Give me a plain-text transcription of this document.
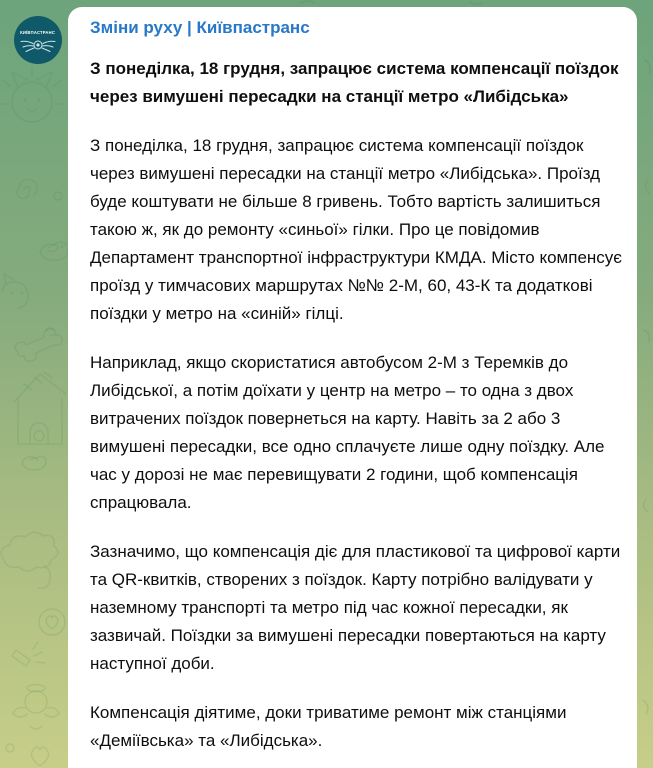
КИЇВПАСТРАНС	Зміни руху | Київпастранс
З понеділка, 18 грудня, запрацює система компенсації поїздок через вимушені пересадки на станції метро «Либідська»

З понеділка, 18 грудня, запрацює система компенсації поїздок через вимушені пересадки на станції метро «Либідська». Проїзд буде коштувати не більше 8 гривень. Тобто вартість залишиться такою ж, як до ремонту «синьої» гілки. Про це повідомив Департамент транспортної інфраструктури КМДА. Місто компенсує проїзд у тимчасових маршрутах №№ 2-М, 60, 43-К та додаткові поїздки у метро на «синій» гілці.

Наприклад, якщо скористатися автобусом 2-М з Теремків до Либідської, а потім доїхати у центр на метро – то одна з двох витрачених поїздок повернеться на карту. Навіть за 2 або 3 вимушені пересадки, все одно сплачуєте лише одну поїздку. Але час у дорозі не має перевищувати 2 години, щоб компенсація спрацювала.

Зазначимо, що компенсація діє для пластикової та цифрової карти та QR-квитків, створених з поїздок. Карту потрібно валідувати у наземному транспорті та метро під час кожної пересадки, як зазвичай. Поїздки за вимушені пересадки повертаються на карту наступної доби.

Компенсація діятиме, доки триватиме ремонт між станціями «Деміївська» та «Либідська».
